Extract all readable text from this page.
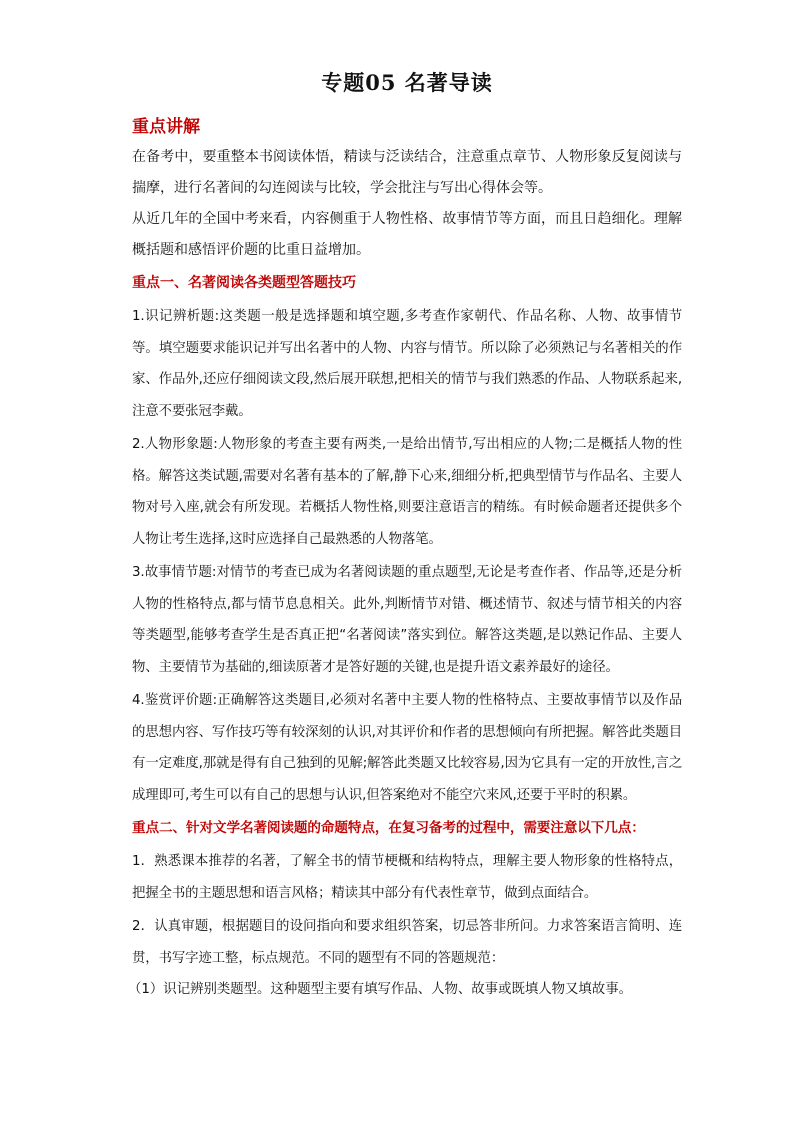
专题05 名著导读
重点讲解

在备考中，要重整本书阅读体悟，精读与泛读结合，注意重点章节、人物形象反复阅读与揣摩，进行名著间的勾连阅读与比较，学会批注与写出心得体会等。

从近几年的全国中考来看，内容侧重于人物性格、故事情节等方面，而且日趋细化。理解概括题和感悟评价题的比重日益增加。

重点一、名著阅读各类题型答题技巧

1.识记辨析题:这类题一般是选择题和填空题,多考查作家朝代、作品名称、人物、故事情节等。填空题要求能识记并写出名著中的人物、内容与情节。所以除了必须熟记与名著相关的作家、作品外,还应仔细阅读文段,然后展开联想,把相关的情节与我们熟悉的作品、人物联系起来,注意不要张冠李戴。

2.人物形象题:人物形象的考查主要有两类,一是给出情节,写出相应的人物;二是概括人物的性格。解答这类试题,需要对名著有基本的了解,静下心来,细细分析,把典型情节与作品名、主要人物对号入座,就会有所发现。若概括人物性格,则要注意语言的精练。有时候命题者还提供多个人物让考生选择,这时应选择自己最熟悉的人物落笔。

3.故事情节题:对情节的考查已成为名著阅读题的重点题型,无论是考查作者、作品等,还是分析人物的性格特点,都与情节息息相关。此外,判断情节对错、概述情节、叙述与情节相关的内容等类题型,能够考查学生是否真正把“名著阅读”落实到位。解答这类题,是以熟记作品、主要人物、主要情节为基础的,细读原著才是答好题的关键,也是提升语文素养最好的途径。

4.鉴赏评价题:正确解答这类题目,必须对名著中主要人物的性格特点、主要故事情节以及作品的思想内容、写作技巧等有较深刻的认识,对其评价和作者的思想倾向有所把握。解答此类题目有一定难度,那就是得有自己独到的见解;解答此类题又比较容易,因为它具有一定的开放性,言之成理即可,考生可以有自己的思想与认识,但答案绝对不能空穴来风,还要于平时的积累。

重点二、针对文学名著阅读题的命题特点，在复习备考的过程中，需要注意以下几点：

1．熟悉课本推荐的名著，了解全书的情节梗概和结构特点，理解主要人物形象的性格特点，把握全书的主题思想和语言风格；精读其中部分有代表性章节，做到点面结合。

2．认真审题，根据题目的设问指向和要求组织答案，切忌答非所问。力求答案语言简明、连贯，书写字迹工整，标点规范。不同的题型有不同的答题规范：

（1）识记辨别类题型。这种题型主要有填写作品、人物、故事或既填人物又填故事。
